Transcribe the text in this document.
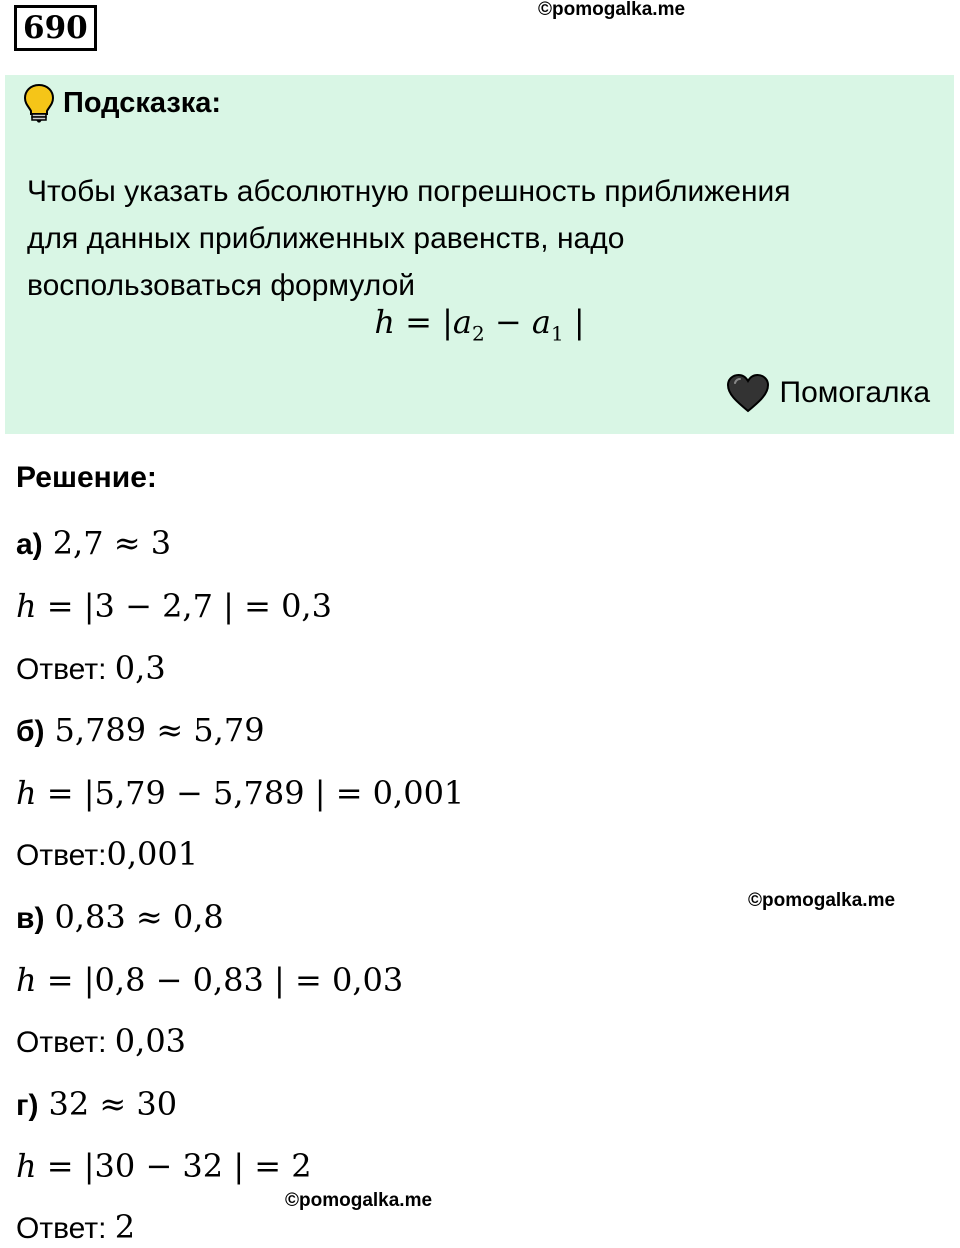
690
©pomogalka.me
Подсказка:
Чтобы указать абсолютную погрешность приближения
для данных приближенных равенств, надо
воспользоваться формулой
$h = |a_2 - a_1$ |
Помогалка
Решение:
а) 2,7 ≈ 3
h = |3 − 2,7 | = 0,3
Ответ: 0,3
б) 5,789 ≈ 5,79
h = |5,79 − 5,789 | = 0,001
Ответ:0,001
©pomogalka.me
в) 0,83 ≈ 0,8
h = |0,8 − 0,83 | = 0,03
Ответ: 0,03
г) 32 ≈ 30
h = |30 − 32 | = 2
©pomogalka.me
Ответ: 2
